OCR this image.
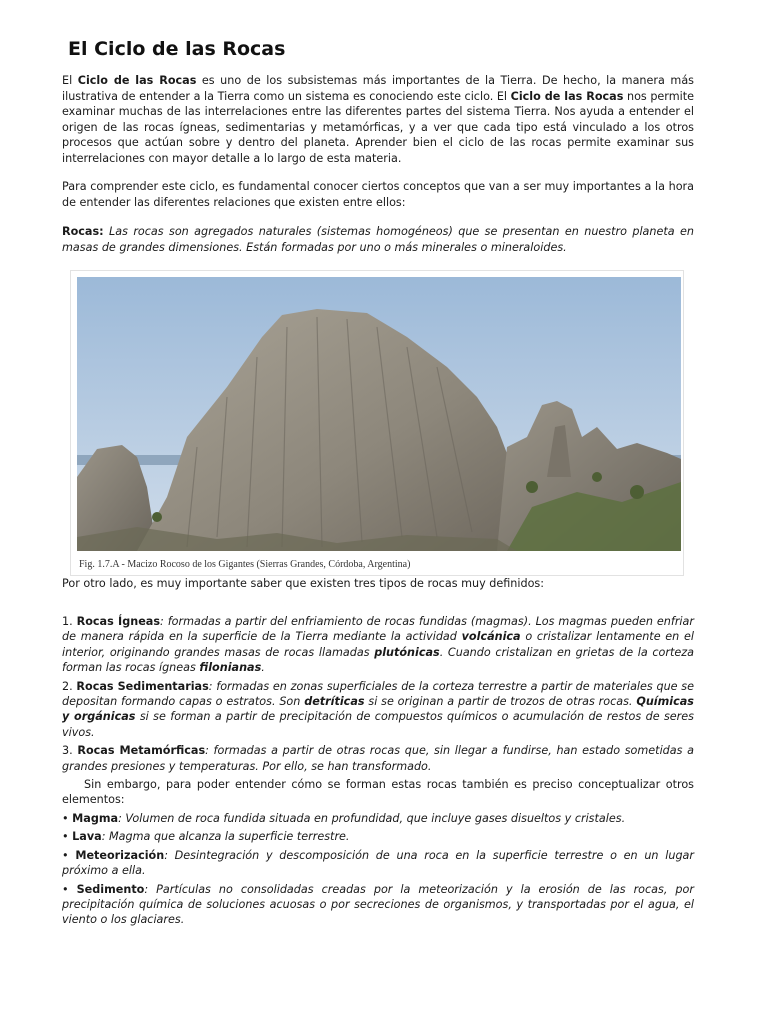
El Ciclo de las Rocas

El Ciclo de las Rocas es uno de los subsistemas más importantes de la Tierra. De hecho, la manera más ilustrativa de entender a la Tierra como un sistema es conociendo este ciclo. El Ciclo de las Rocas nos permite examinar muchas de las interrelaciones entre las diferentes partes del sistema Tierra. Nos ayuda a entender el origen de las rocas ígneas, sedimentarias y metamórficas, y a ver que cada tipo está vinculado a los otros procesos que actúan sobre y dentro del planeta. Aprender bien el ciclo de las rocas permite examinar sus interrelaciones con mayor detalle a lo largo de esta materia.

Para comprender este ciclo, es fundamental conocer ciertos conceptos que van a ser muy importantes a la hora de entender las diferentes relaciones que existen entre ellos:

Rocas: Las rocas son agregados naturales (sistemas homogéneos) que se presentan en nuestro planeta en masas de grandes dimensiones. Están formadas por uno o más minerales o mineraloides.

Fig. 1.7.A - Macizo Rocoso de los Gigantes (Sierras Grandes, Córdoba, Argentina)

Por otro lado, es muy importante saber que existen tres tipos de rocas muy definidos:

1. Rocas Ígneas: formadas a partir del enfriamiento de rocas fundidas (magmas). Los magmas pueden enfriar de manera rápida en la superficie de la Tierra mediante la actividad volcánica o cristalizar lentamente en el interior, originando grandes masas de rocas llamadas plutónicas. Cuando cristalizan en grietas de la corteza forman las rocas ígneas filonianas.

2. Rocas Sedimentarias: formadas en zonas superficiales de la corteza terrestre a partir de materiales que se depositan formando capas o estratos. Son detríticas si se originan a partir de trozos de otras rocas. Químicas y orgánicas si se forman a partir de precipitación de compuestos químicos o acumulación de restos de seres vivos.

3. Rocas Metamórficas: formadas a partir de otras rocas que, sin llegar a fundirse, han estado sometidas a grandes presiones y temperaturas. Por ello, se han transformado.

Sin embargo, para poder entender cómo se forman estas rocas también es preciso conceptualizar otros elementos:

• Magma: Volumen de roca fundida situada en profundidad, que incluye gases disueltos y cristales.

• Lava: Magma que alcanza la superficie terrestre.

• Meteorización: Desintegración y descomposición de una roca en la superficie terrestre o en un lugar próximo a ella.

• Sedimento: Partículas no consolidadas creadas por la meteorización y la erosión de las rocas, por precipitación química de soluciones acuosas o por secreciones de organismos, y transportadas por el agua, el viento o los glaciares.
